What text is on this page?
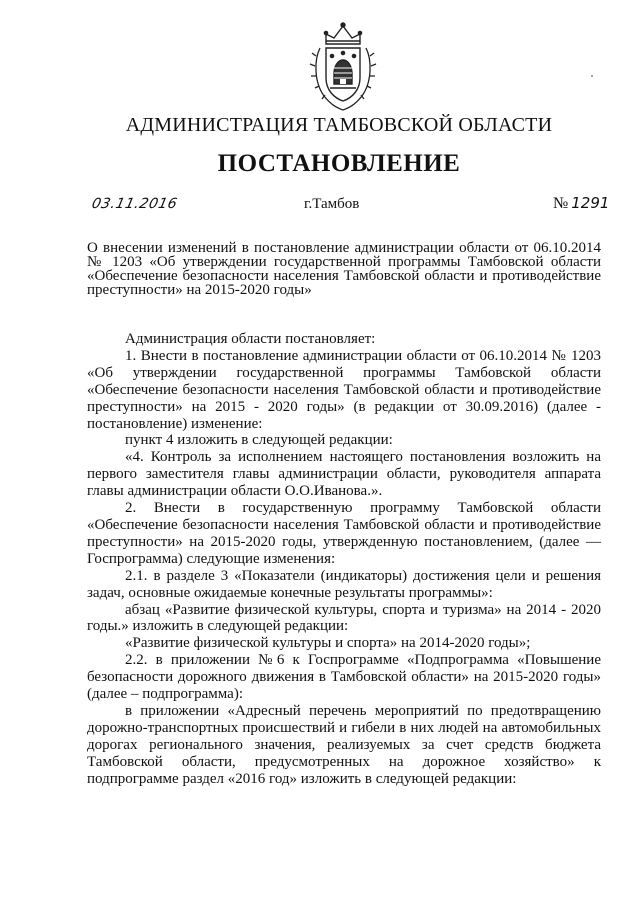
АДМИНИСТРАЦИЯ ТАМБОВСКОЙ ОБЛАСТИ
ПОСТАНОВЛЕНИЕ
03.11.2016	г.Тамбов	№ 1291
О внесении изменений в постановление администрации области от 06.10.2014 № 1203 «Об утверждении государственной программы Тамбовской области «Обеспечение безопасности населения Тамбовской области и противодействие преступности» на 2015-2020 годы»

Администрация области постановляет:

1. Внести в постановление администрации области от 06.10.2014 № 1203 «Об утверждении государственной программы Тамбовской области «Обеспечение безопасности населения Тамбовской области и противодействие преступности» на 2015 - 2020 годы» (в редакции от 30.09.2016) (далее - постановление) изменение:

пункт 4 изложить в следующей редакции:

«4. Контроль за исполнением настоящего постановления возложить на первого заместителя главы администрации области, руководителя аппарата главы администрации области О.О.Иванова.».

2. Внести в государственную программу Тамбовской области «Обеспечение безопасности населения Тамбовской области и противодействие преступности» на 2015-2020 годы, утвержденную постановлением, (далее — Госпрограмма) следующие изменения:

2.1. в разделе 3 «Показатели (индикаторы) достижения цели и решения задач, основные ожидаемые конечные результаты программы»:

абзац «Развитие физической культуры, спорта и туризма» на 2014 - 2020 годы.» изложить в следующей редакции:

«Развитие физической культуры и спорта» на 2014-2020 годы»;

2.2. в приложении №6 к Госпрограмме «Подпрограмма «Повышение безопасности дорожного движения в Тамбовской области» на 2015-2020 годы» (далее – подпрограмма):

в приложении «Адресный перечень мероприятий по предотвращению дорожно-транспортных происшествий и гибели в них людей на автомобильных дорогах регионального значения, реализуемых за счет средств бюджета Тамбовской области, предусмотренных на дорожное хозяйство» к подпрограмме раздел «2016 год» изложить в следующей редакции:
